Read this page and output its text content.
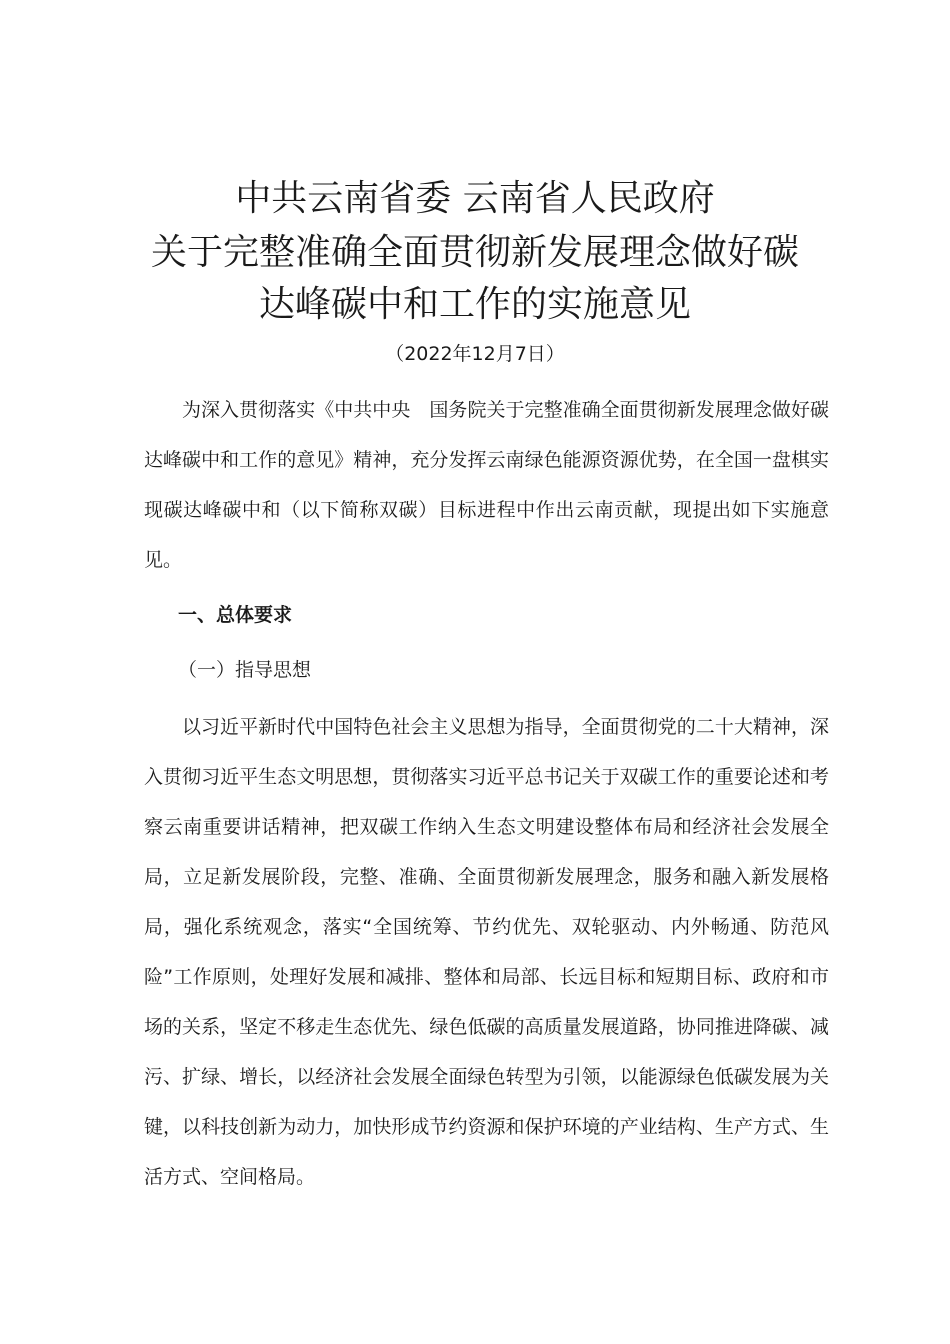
中共云南省委 云南省人民政府
关于完整准确全面贯彻新发展理念做好碳
达峰碳中和工作的实施意见
（2022年12月7日）

为深入贯彻落实《中共中央　国务院关于完整准确全面贯彻新发展理念做好碳达峰碳中和工作的意见》精神，充分发挥云南绿色能源资源优势，在全国一盘棋实现碳达峰碳中和（以下简称双碳）目标进程中作出云南贡献，现提出如下实施意见。

一、总体要求
（一）指导思想

以习近平新时代中国特色社会主义思想为指导，全面贯彻党的二十大精神，深入贯彻习近平生态文明思想，贯彻落实习近平总书记关于双碳工作的重要论述和考察云南重要讲话精神，把双碳工作纳入生态文明建设整体布局和经济社会发展全局，立足新发展阶段，完整、准确、全面贯彻新发展理念，服务和融入新发展格局，强化系统观念，落实“全国统筹、节约优先、双轮驱动、内外畅通、防范风险”工作原则，处理好发展和减排、整体和局部、长远目标和短期目标、政府和市场的关系，坚定不移走生态优先、绿色低碳的高质量发展道路，协同推进降碳、减污、扩绿、增长，以经济社会发展全面绿色转型为引领，以能源绿色低碳发展为关键，以科技创新为动力，加快形成节约资源和保护环境的产业结构、生产方式、生活方式、空间格局。
